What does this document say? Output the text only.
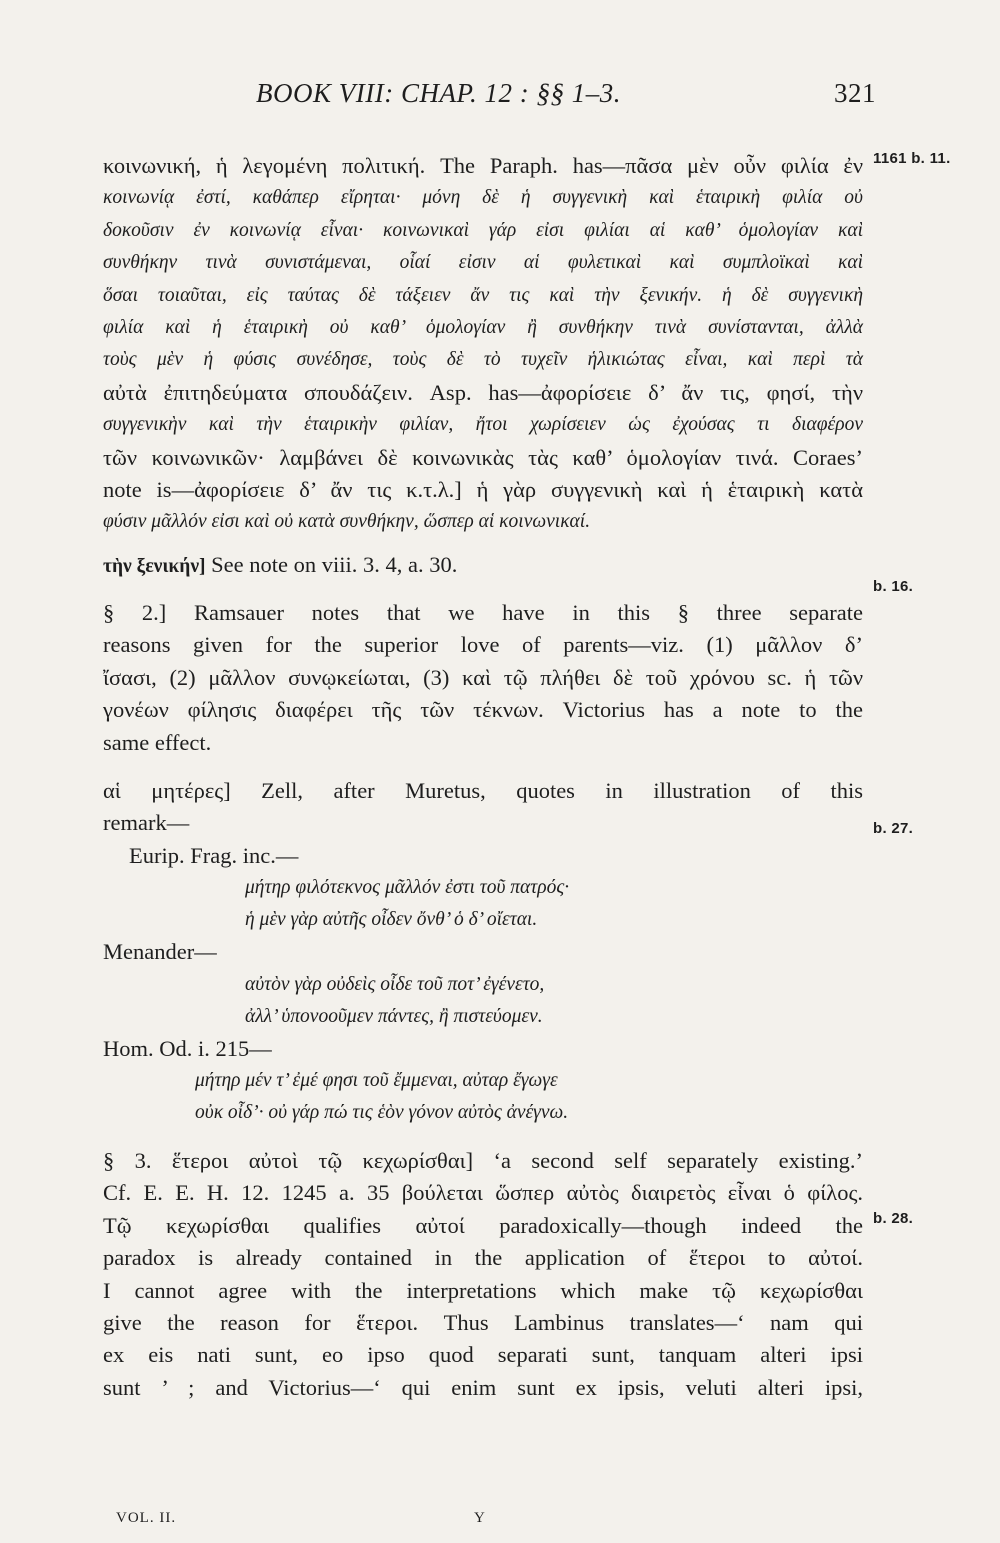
BOOK VIII: CHAP. 12 : §§ 1–3.	321
κοινωνική, ἡ λεγομένη πολιτική. The Paraph. has—πᾶσα μὲν οὖν φιλία ἐν 1161 b. 11.
κοινωνίᾳ ἐστί, καθάπερ εἴρηται· μόνη δὲ ἡ συγγενικὴ καὶ ἑταιρικὴ φιλία οὐ
δοκοῦσιν ἐν κοινωνίᾳ εἶναι· κοινωνικαὶ γάρ εἰσι φιλίαι αἱ καθ’ ὁμολογίαν καὶ
συνθήκην τινὰ συνιστάμεναι, οἷαί εἰσιν αἱ φυλετικαὶ καὶ συμπλοϊκαὶ καὶ
ὅσαι τοιαῦται, εἰς ταύτας δὲ τάξειεν ἄν τις καὶ τὴν ξενικήν. ἡ δὲ συγγενικὴ
φιλία καὶ ἡ ἑταιρικὴ οὐ καθ’ ὁμολογίαν ἢ συνθήκην τινὰ συνίστανται, ἀλλὰ
τοὺς μὲν ἡ φύσις συνέδησε, τοὺς δὲ τὸ τυχεῖν ἡλικιώτας εἶναι, καὶ περὶ τὰ
αὐτὰ ἐπιτηδεύματα σπουδάζειν. Asp. has—ἀφορίσειε δ’ ἄν τις, φησί, τὴν
συγγενικὴν καὶ τὴν ἑταιρικὴν φιλίαν, ἤτοι χωρίσειεν ὡς ἐχούσας τι διαφέρον
τῶν κοινωνικῶν· λαμβάνει δὲ κοινωνικὰς τὰς καθ’ ὁμολογίαν τινά. Coraes’
note is—ἀφορίσειε δ’ ἄν τις κ.τ.λ.] ἡ γὰρ συγγενικὴ καὶ ἡ ἑταιρικὴ κατὰ
φύσιν μᾶλλόν εἰσι καὶ οὐ κατὰ συνθήκην, ὥσπερ αἱ κοινωνικαί.
τὴν ξενικήν] See note on viii. 3. 4, a. 30.
b. 16.
§ 2.] Ramsauer notes that we have in this § three separate
reasons given for the superior love of parents—viz. (1) μᾶλλον δ’
ἴσασι, (2) μᾶλλον συνῳκείωται, (3) καὶ τῷ πλήθει δὲ τοῦ χρόνου sc. ἡ τῶν
γονέων φίλησις διαφέρει τῆς τῶν τέκνων. Victorius has a note to the
same effect.
αἱ μητέρες] Zell, after Muretus, quotes in illustration of this
b. 27.
remark—
Eurip. Frag. inc.—
μήτηρ φιλότεκνος μᾶλλόν ἐστι τοῦ πατρός·
ἡ μὲν γὰρ αὐτῆς οἶδεν ὄνθ’ ὁ δ’ οἴεται.
Menander—
αὐτὸν γὰρ οὐδεὶς οἶδε τοῦ ποτ’ ἐγένετο,
ἀλλ’ ὑπονοοῦμεν πάντες, ἢ πιστεύομεν.
Hom. Od. i. 215—
μήτηρ μέν τ’ ἐμέ φησι τοῦ ἔμμεναι, αὐταρ ἔγωγε
οὐκ οἶδ’· οὐ γάρ πώ τις ἑὸν γόνον αὐτὸς ἀνέγνω.
§ 3. ἕτεροι αὐτοὶ τῷ κεχωρίσθαι] ‘a second self separately existing.’
b. 28.
Cf. E. E. H. 12. 1245 a. 35 βούλεται ὥσπερ αὐτὸς διαιρετὸς εἶναι ὁ φίλος.
Τῷ κεχωρίσθαι qualifies αὐτοί paradoxically—though indeed the
paradox is already contained in the application of ἕτεροι to αὐτοί.
I cannot agree with the interpretations which make τῷ κεχωρίσθαι
give the reason for ἕτεροι. Thus Lambinus translates—‘ nam qui
ex eis nati sunt, eo ipso quod separati sunt, tanquam alteri ipsi
sunt ’ ; and Victorius—‘ qui enim sunt ex ipsis, veluti alteri ipsi,
VOL. II.	Y
